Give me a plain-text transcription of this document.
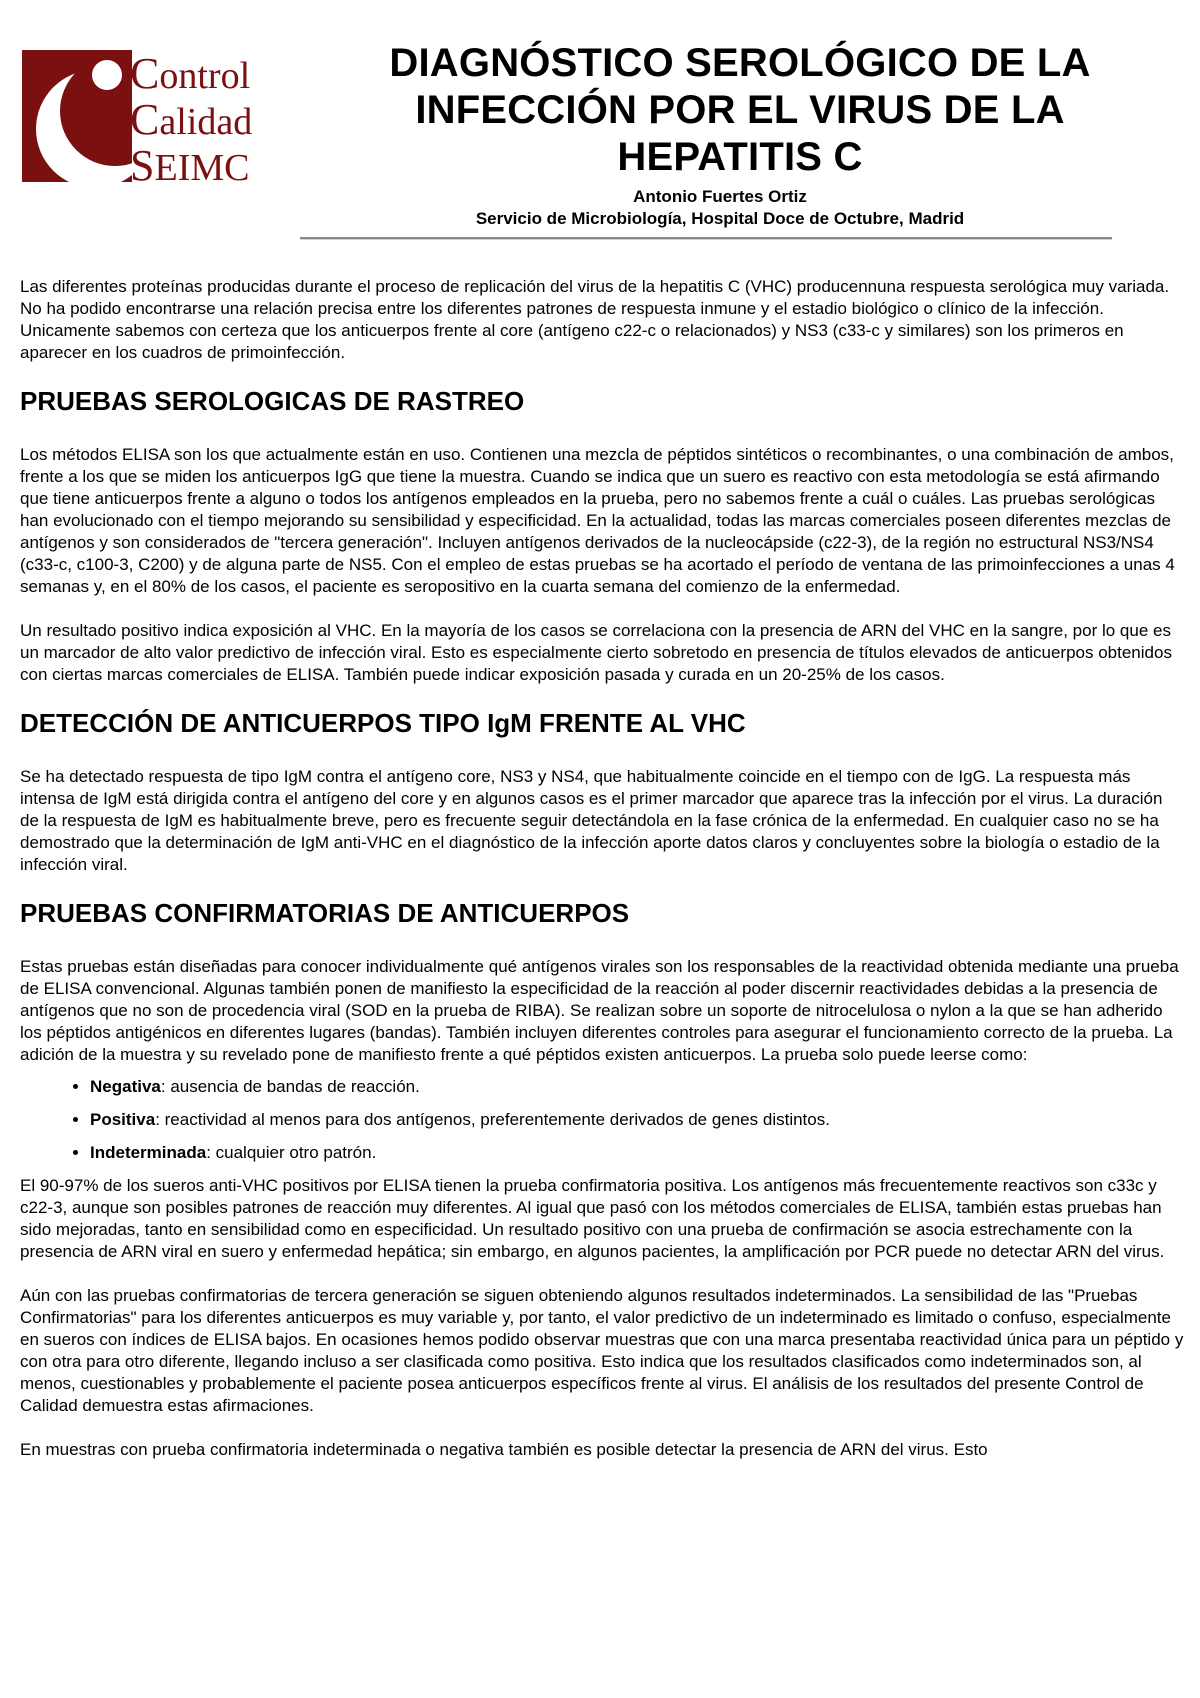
Control
Calidad
SEIMC
DIAGNÓSTICO SEROLÓGICO DE LA
INFECCIÓN POR EL VIRUS DE LA
HEPATITIS C
Antonio Fuertes Ortiz
Servicio de Microbiología, Hospital Doce de Octubre, Madrid

Las diferentes proteínas producidas durante el proceso de replicación del virus de la hepatitis C (VHC) producennuna respuesta serológica muy variada. No ha podido encontrarse una relación precisa entre los diferentes patrones de respuesta inmune y el estadio biológico o clínico de la infección. Unicamente sabemos con certeza que los anticuerpos frente al core (antígeno c22-c o relacionados) y NS3 (c33-c y similares) son los primeros en aparecer en los cuadros de primoinfección.

PRUEBAS SEROLOGICAS DE RASTREO

Los métodos ELISA son los que actualmente están en uso. Contienen una mezcla de péptidos sintéticos o recombinantes, o una combinación de ambos, frente a los que se miden los anticuerpos IgG que tiene la muestra. Cuando se indica que un suero es reactivo con esta metodología se está afirmando que tiene anticuerpos frente a alguno o todos los antígenos empleados en la prueba, pero no sabemos frente a cuál o cuáles. Las pruebas serológicas han evolucionado con el tiempo mejorando su sensibilidad y especificidad. En la actualidad, todas las marcas comerciales poseen diferentes mezclas de antígenos y son considerados de "tercera generación". Incluyen antígenos derivados de la nucleocápside (c22-3), de la región no estructural NS3/NS4 (c33-c, c100-3, C200) y de alguna parte de NS5. Con el empleo de estas pruebas se ha acortado el período de ventana de las primoinfecciones a unas 4 semanas y, en el 80% de los casos, el paciente es seropositivo en la cuarta semana del comienzo de la enfermedad.

Un resultado positivo indica exposición al VHC. En la mayoría de los casos se correlaciona con la presencia de ARN del VHC en la sangre, por lo que es un marcador de alto valor predictivo de infección viral. Esto es especialmente cierto sobretodo en presencia de títulos elevados de anticuerpos obtenidos con ciertas marcas comerciales de ELISA. También puede indicar exposición pasada y curada en un 20-25% de los casos.

DETECCIÓN DE ANTICUERPOS TIPO IgM FRENTE AL VHC

Se ha detectado respuesta de tipo IgM contra el antígeno core, NS3 y NS4, que habitualmente coincide en el tiempo con de IgG. La respuesta más intensa de IgM está dirigida contra el antígeno del core y en algunos casos es el primer marcador que aparece tras la infección por el virus. La duración de la respuesta de IgM es habitualmente breve, pero es frecuente seguir detectándola en la fase crónica de la enfermedad. En cualquier caso no se ha demostrado que la determinación de IgM anti-VHC en el diagnóstico de la infección aporte datos claros y concluyentes sobre la biología o estadio de la infección viral.

PRUEBAS CONFIRMATORIAS DE ANTICUERPOS

Estas pruebas están diseñadas para conocer individualmente qué antígenos virales son los responsables de la reactividad obtenida mediante una prueba de ELISA convencional. Algunas también ponen de manifiesto la especificidad de la reacción al poder discernir reactividades debidas a la presencia de antígenos que no son de procedencia viral (SOD en la prueba de RIBA). Se realizan sobre un soporte de nitrocelulosa o nylon a la que se han adherido los péptidos antigénicos en diferentes lugares (bandas). También incluyen diferentes controles para asegurar el funcionamiento correcto de la prueba. La adición de la muestra y su revelado pone de manifiesto frente a qué péptidos existen anticuerpos. La prueba solo puede leerse como:

• Negativa: ausencia de bandas de reacción.
• Positiva: reactividad al menos para dos antígenos, preferentemente derivados de genes distintos.
• Indeterminada: cualquier otro patrón.

El 90-97% de los sueros anti-VHC positivos por ELISA tienen la prueba confirmatoria positiva. Los antígenos más frecuentemente reactivos son c33c y c22-3, aunque son posibles patrones de reacción muy diferentes. Al igual que pasó con los métodos comerciales de ELISA, también estas pruebas han sido mejoradas, tanto en sensibilidad como en especificidad. Un resultado positivo con una prueba de confirmación se asocia estrechamente con la presencia de ARN viral en suero y enfermedad hepática; sin embargo, en algunos pacientes, la amplificación por PCR puede no detectar ARN del virus.

Aún con las pruebas confirmatorias de tercera generación se siguen obteniendo algunos resultados indeterminados. La sensibilidad de las "Pruebas Confirmatorias" para los diferentes anticuerpos es muy variable y, por tanto, el valor predictivo de un indeterminado es limitado o confuso, especialmente en sueros con índices de ELISA bajos. En ocasiones hemos podido observar muestras que con una marca presentaba reactividad única para un péptido y con otra para otro diferente, llegando incluso a ser clasificada como positiva. Esto indica que los resultados clasificados como indeterminados son, al menos, cuestionables y probablemente el paciente posea anticuerpos específicos frente al virus. El análisis de los resultados del presente Control de Calidad demuestra estas afirmaciones.

En muestras con prueba confirmatoria indeterminada o negativa también es posible detectar la presencia de ARN del virus. Esto
